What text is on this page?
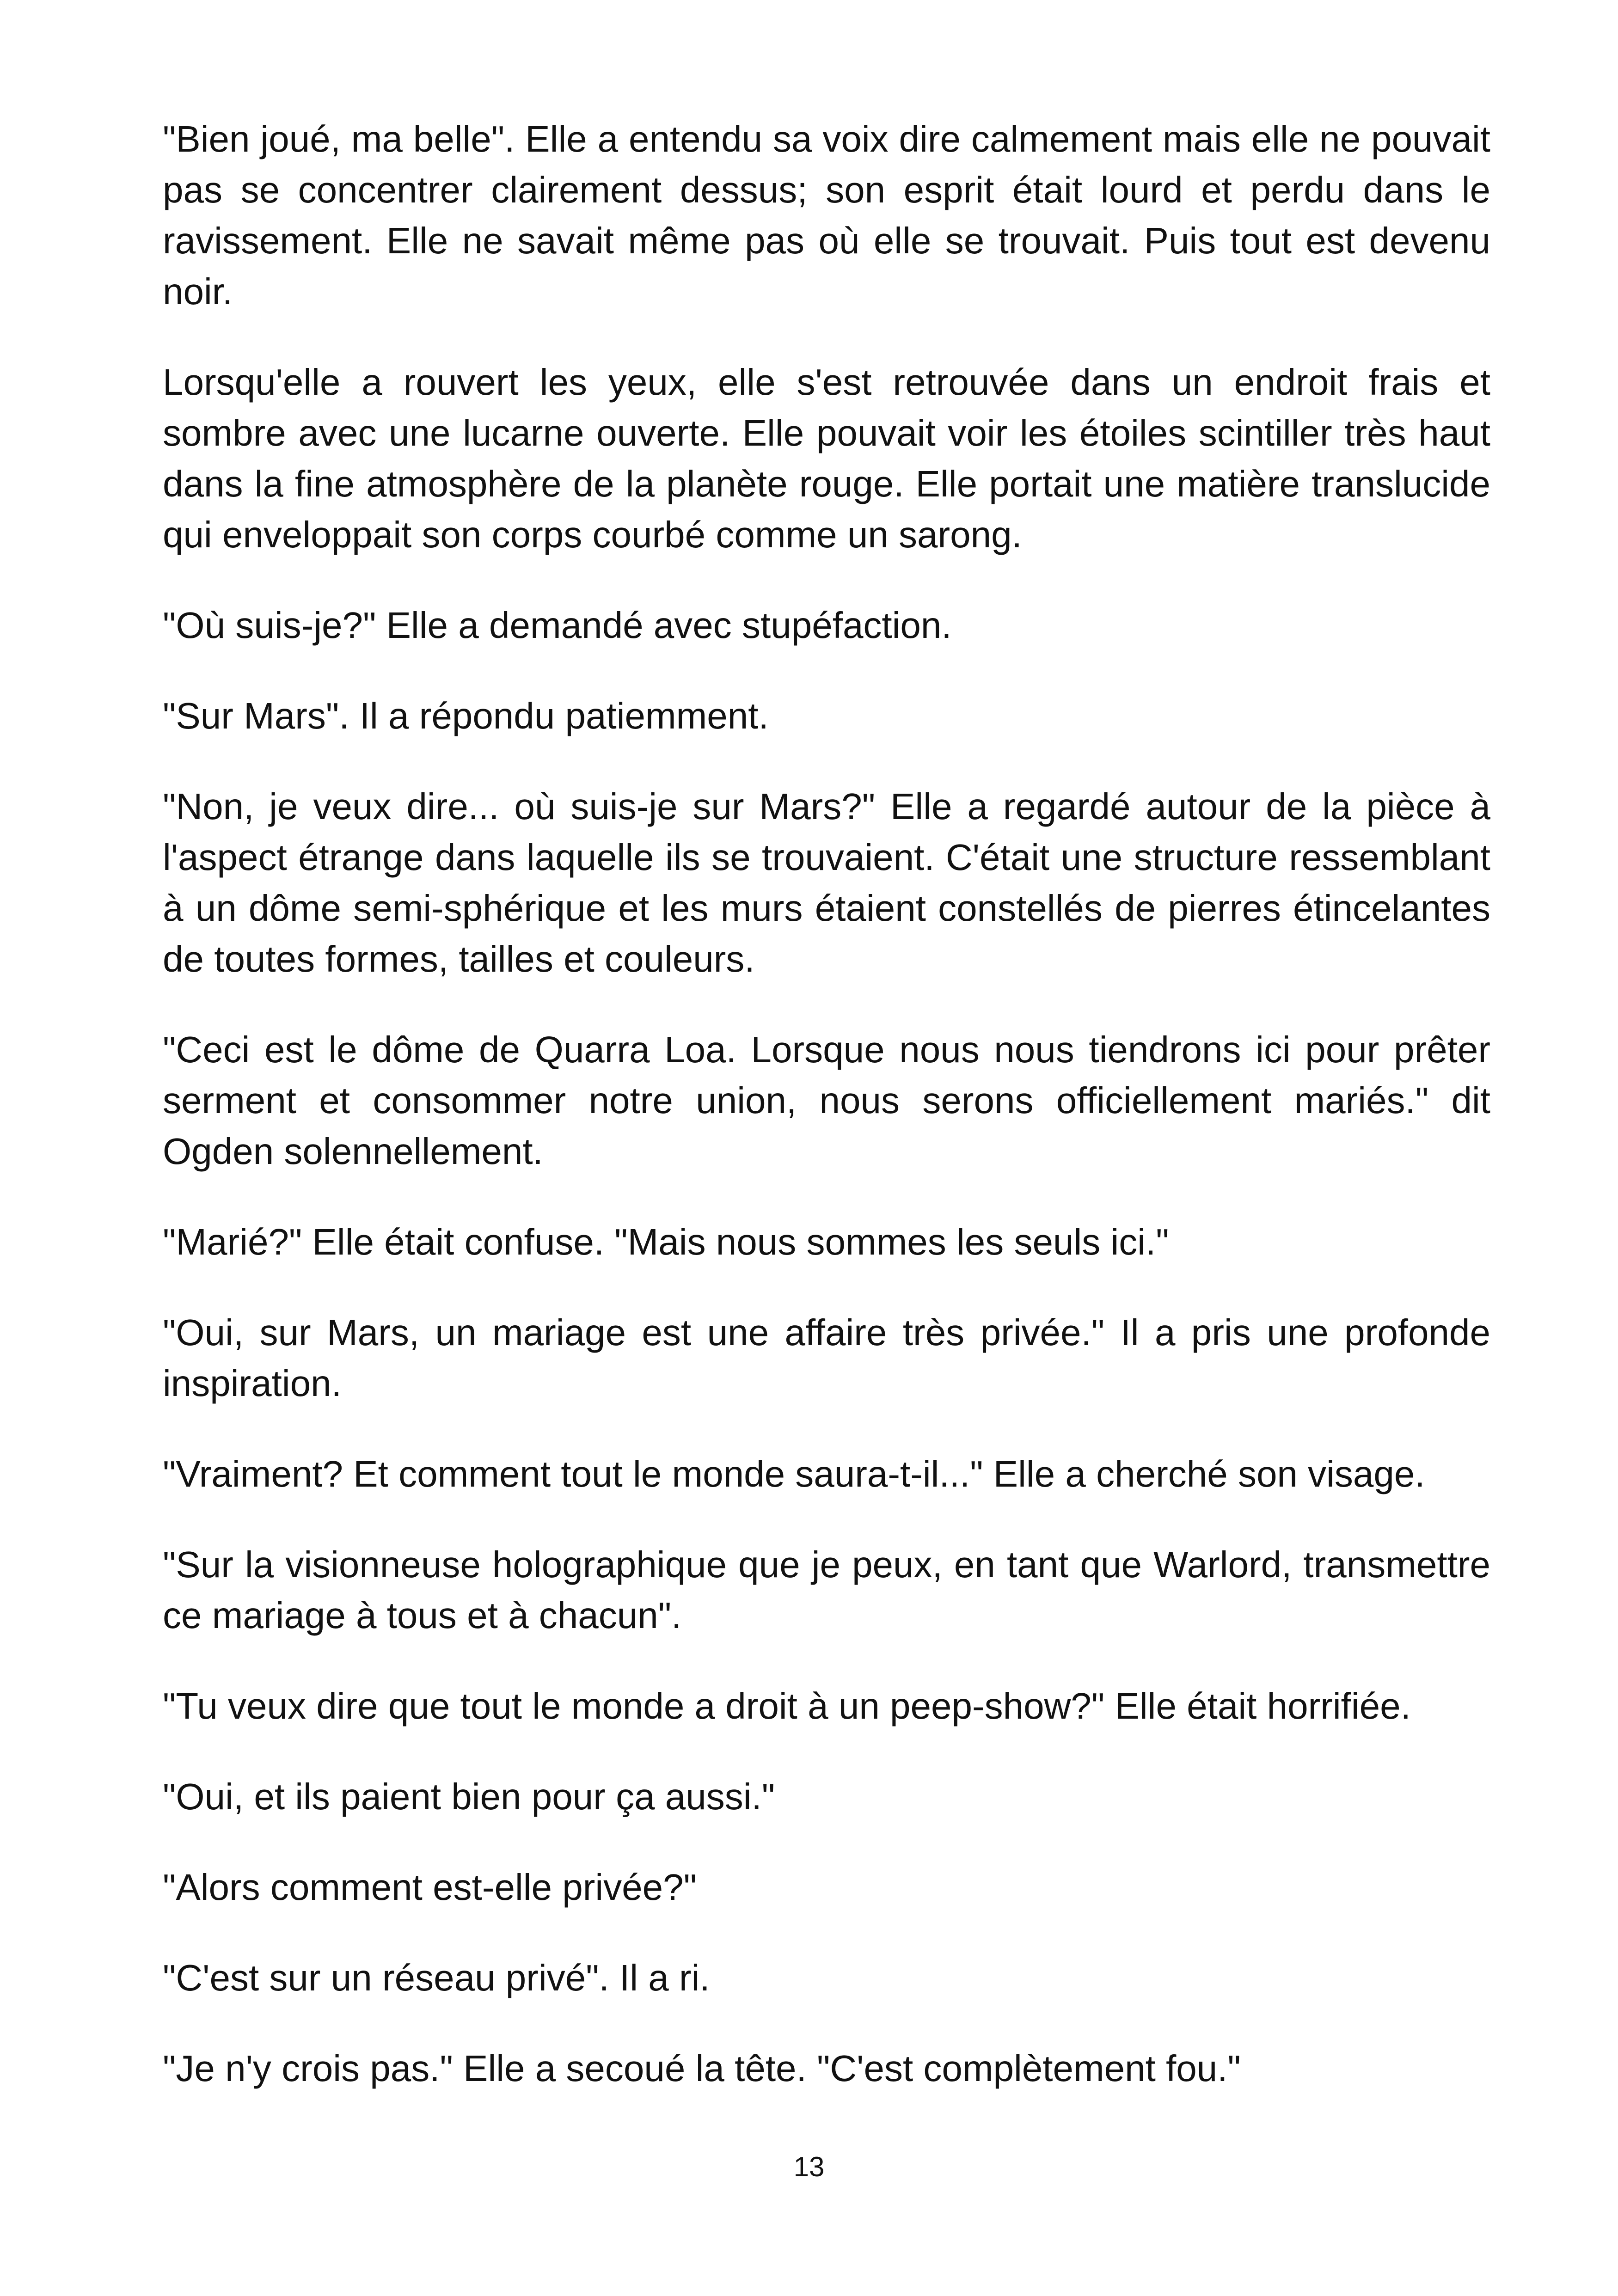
"Bien joué, ma belle". Elle a entendu sa voix dire calmement mais elle ne pouvait pas se concentrer clairement dessus; son esprit était lourd et perdu dans le ravissement. Elle ne savait même pas où elle se trouvait. Puis tout est devenu noir.

Lorsqu'elle a rouvert les yeux, elle s'est retrouvée dans un endroit frais et sombre avec une lucarne ouverte. Elle pouvait voir les étoiles scintiller très haut dans la fine atmosphère de la planète rouge. Elle portait une matière translucide qui enveloppait son corps courbé comme un sarong.

"Où suis-je?" Elle a demandé avec stupéfaction.

"Sur Mars". Il a répondu patiemment.

"Non, je veux dire... où suis-je sur Mars?" Elle a regardé autour de la pièce à l'aspect étrange dans laquelle ils se trouvaient. C'était une structure ressemblant à un dôme semi-sphérique et les murs étaient constellés de pierres étincelantes de toutes formes, tailles et couleurs.

"Ceci est le dôme de Quarra Loa. Lorsque nous nous tiendrons ici pour prêter serment et consommer notre union, nous serons officiellement mariés." dit Ogden solennellement.

"Marié?" Elle était confuse. "Mais nous sommes les seuls ici."

"Oui, sur Mars, un mariage est une affaire très privée." Il a pris une profonde inspiration.

"Vraiment? Et comment tout le monde saura-t-il..." Elle a cherché son visage.

"Sur la visionneuse holographique que je peux, en tant que Warlord, transmettre ce mariage à tous et à chacun".

"Tu veux dire que tout le monde a droit à un peep-show?" Elle était horrifiée.

"Oui, et ils paient bien pour ça aussi."

"Alors comment est-elle privée?"

"C'est sur un réseau privé". Il a ri.

"Je n'y crois pas." Elle a secoué la tête. "C'est complètement fou."

13
